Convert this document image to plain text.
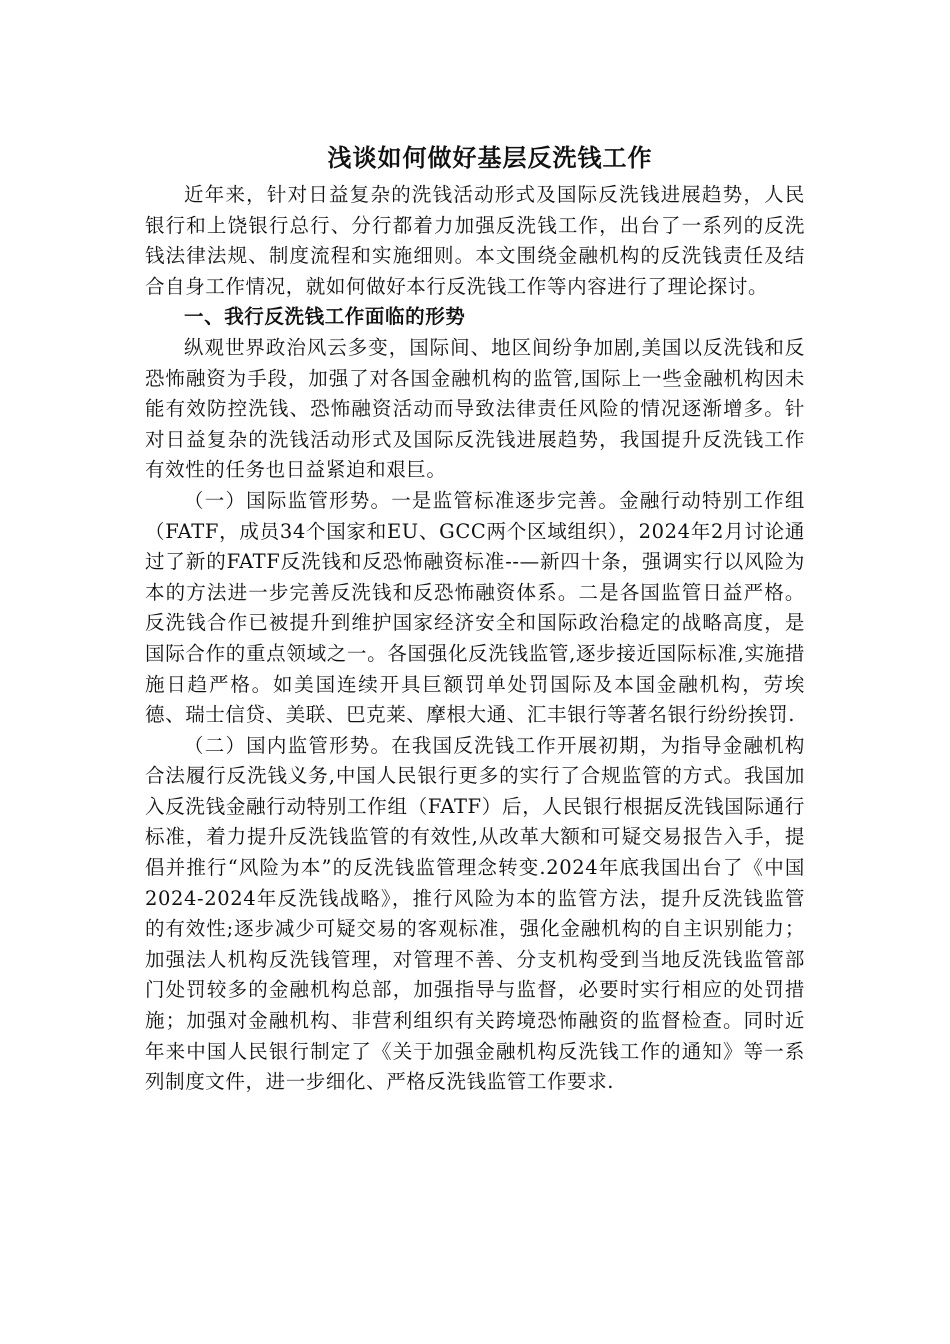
浅谈如何做好基层反洗钱工作

近年来，针对日益复杂的洗钱活动形式及国际反洗钱进展趋势，人民银行和上饶银行总行、分行都着力加强反洗钱工作，出台了一系列的反洗钱法律法规、制度流程和实施细则。本文围绕金融机构的反洗钱责任及结合自身工作情况，就如何做好本行反洗钱工作等内容进行了理论探讨。

一、我行反洗钱工作面临的形势

纵观世界政治风云多变，国际间、地区间纷争加剧,美国以反洗钱和反恐怖融资为手段，加强了对各国金融机构的监管,国际上一些金融机构因未能有效防控洗钱、恐怖融资活动而导致法律责任风险的情况逐渐增多。针对日益复杂的洗钱活动形式及国际反洗钱进展趋势，我国提升反洗钱工作有效性的任务也日益紧迫和艰巨。

（一）国际监管形势。一是监管标准逐步完善。金融行动特别工作组（FATF，成员34个国家和EU、GCC两个区域组织），2024年2月讨论通过了新的FATF反洗钱和反恐怖融资标准--—新四十条，强调实行以风险为本的方法进一步完善反洗钱和反恐怖融资体系。二是各国监管日益严格。反洗钱合作已被提升到维护国家经济安全和国际政治稳定的战略高度，是国际合作的重点领域之一。各国强化反洗钱监管,逐步接近国际标准,实施措施日趋严格。如美国连续开具巨额罚单处罚国际及本国金融机构，劳埃德、瑞士信贷、美联、巴克莱、摩根大通、汇丰银行等著名银行纷纷挨罚.

（二）国内监管形势。在我国反洗钱工作开展初期，为指导金融机构合法履行反洗钱义务,中国人民银行更多的实行了合规监管的方式。我国加入反洗钱金融行动特别工作组（FATF）后，人民银行根据反洗钱国际通行标准，着力提升反洗钱监管的有效性,从改革大额和可疑交易报告入手，提倡并推行“风险为本”的反洗钱监管理念转变.2024年底我国出台了《中国2024-2024年反洗钱战略》，推行风险为本的监管方法，提升反洗钱监管的有效性;逐步减少可疑交易的客观标准，强化金融机构的自主识别能力；加强法人机构反洗钱管理，对管理不善、分支机构受到当地反洗钱监管部门处罚较多的金融机构总部，加强指导与监督，必要时实行相应的处罚措施；加强对金融机构、非营利组织有关跨境恐怖融资的监督检查。同时近年来中国人民银行制定了《关于加强金融机构反洗钱工作的通知》等一系列制度文件，进一步细化、严格反洗钱监管工作要求.
